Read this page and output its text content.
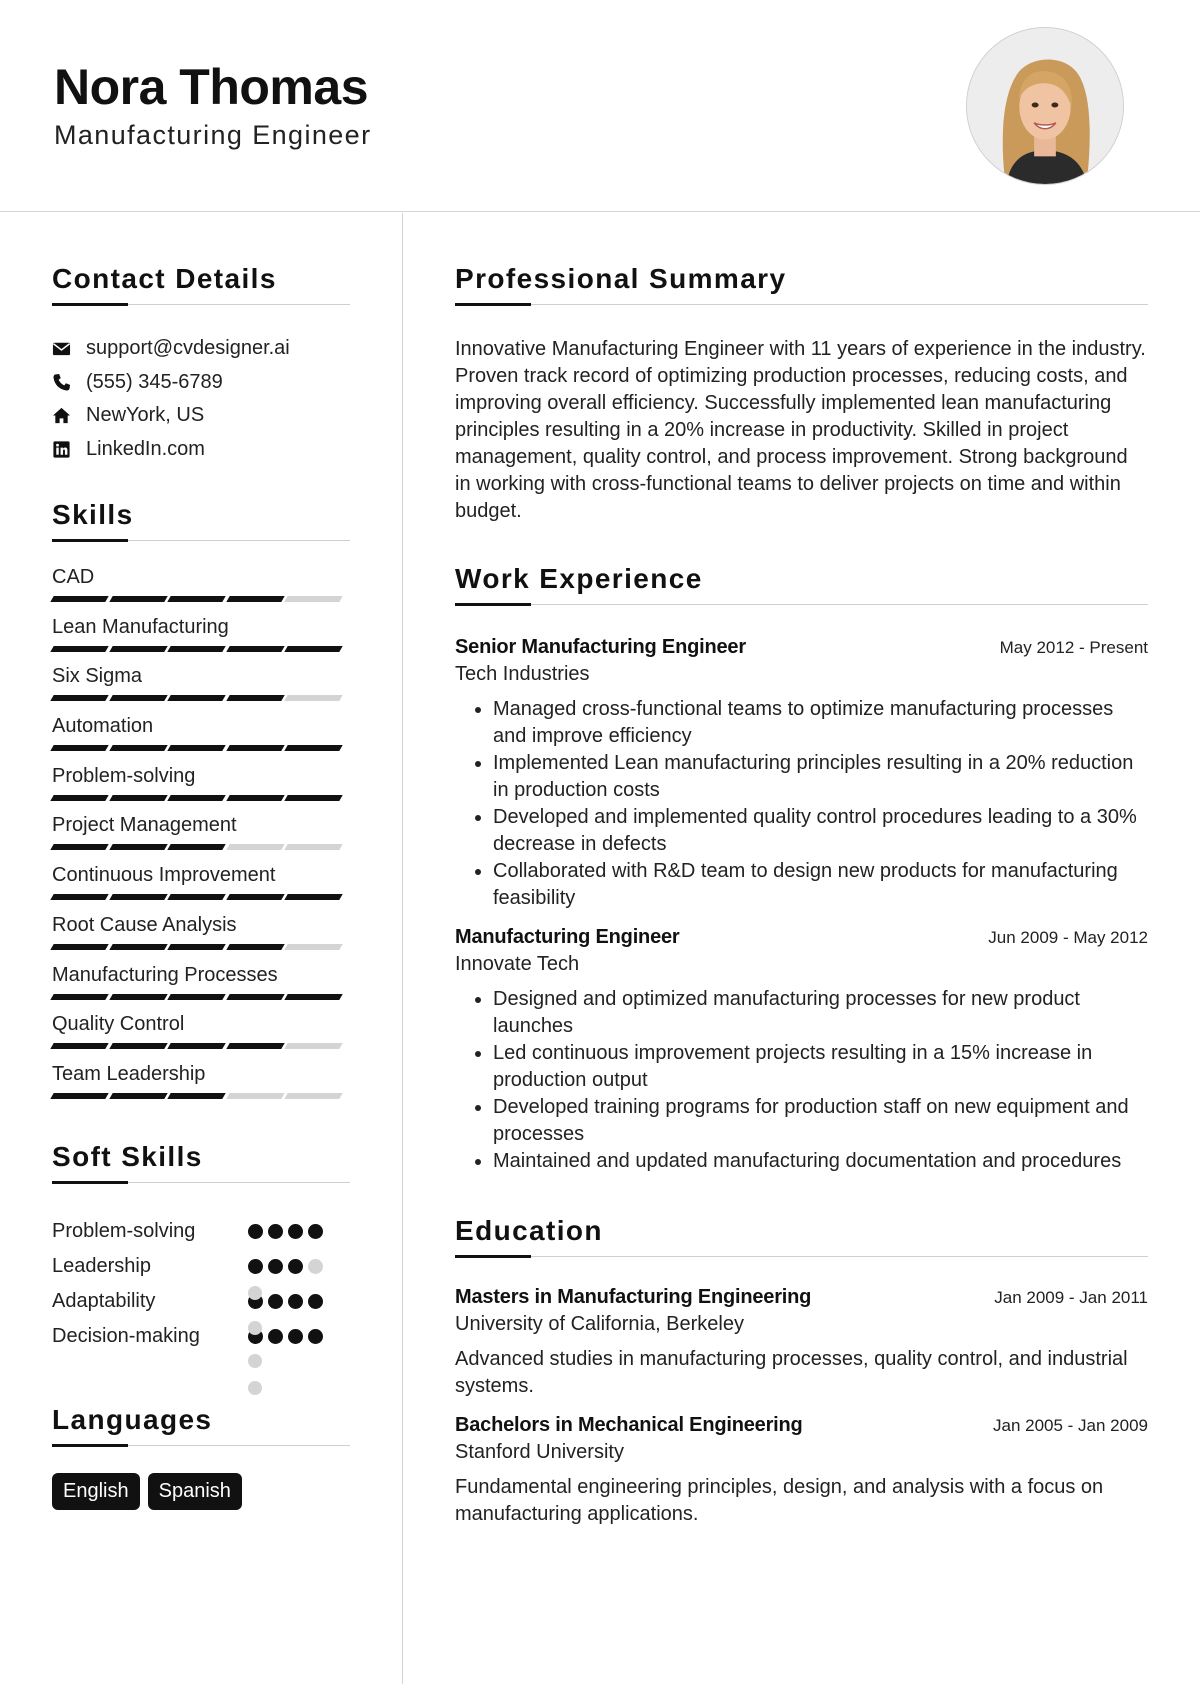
Nora Thomas
Manufacturing Engineer
Contact Details
support@cvdesigner.ai
(555) 345-6789
NewYork, US
LinkedIn.com
Skills
CAD
Lean Manufacturing
Six Sigma
Automation
Problem-solving
Project Management
Continuous Improvement
Root Cause Analysis
Manufacturing Processes
Quality Control
Team Leadership
Soft Skills
Problem-solving
Leadership
Adaptability
Decision-making
Languages
English	Spanish
Professional Summary
Innovative Manufacturing Engineer with 11 years of experience in the industry. Proven track record of optimizing production processes, reducing costs, and improving overall efficiency. Successfully implemented lean manufacturing principles resulting in a 20% increase in productivity. Skilled in project management, quality control, and process improvement. Strong background in working with cross-functional teams to deliver projects on time and within budget.
Work Experience
Senior Manufacturing Engineer	May 2012 - Present
Tech Industries
• Managed cross-functional teams to optimize manufacturing processes and improve efficiency
• Implemented Lean manufacturing principles resulting in a 20% reduction in production costs
• Developed and implemented quality control procedures leading to a 30% decrease in defects
• Collaborated with R&D team to design new products for manufacturing feasibility
Manufacturing Engineer	Jun 2009 - May 2012
Innovate Tech
• Designed and optimized manufacturing processes for new product launches
• Led continuous improvement projects resulting in a 15% increase in production output
• Developed training programs for production staff on new equipment and processes
• Maintained and updated manufacturing documentation and procedures
Education
Masters in Manufacturing Engineering	Jan 2009 - Jan 2011
University of California, Berkeley
Advanced studies in manufacturing processes, quality control, and industrial systems.
Bachelors in Mechanical Engineering	Jan 2005 - Jan 2009
Stanford University
Fundamental engineering principles, design, and analysis with a focus on manufacturing applications.
